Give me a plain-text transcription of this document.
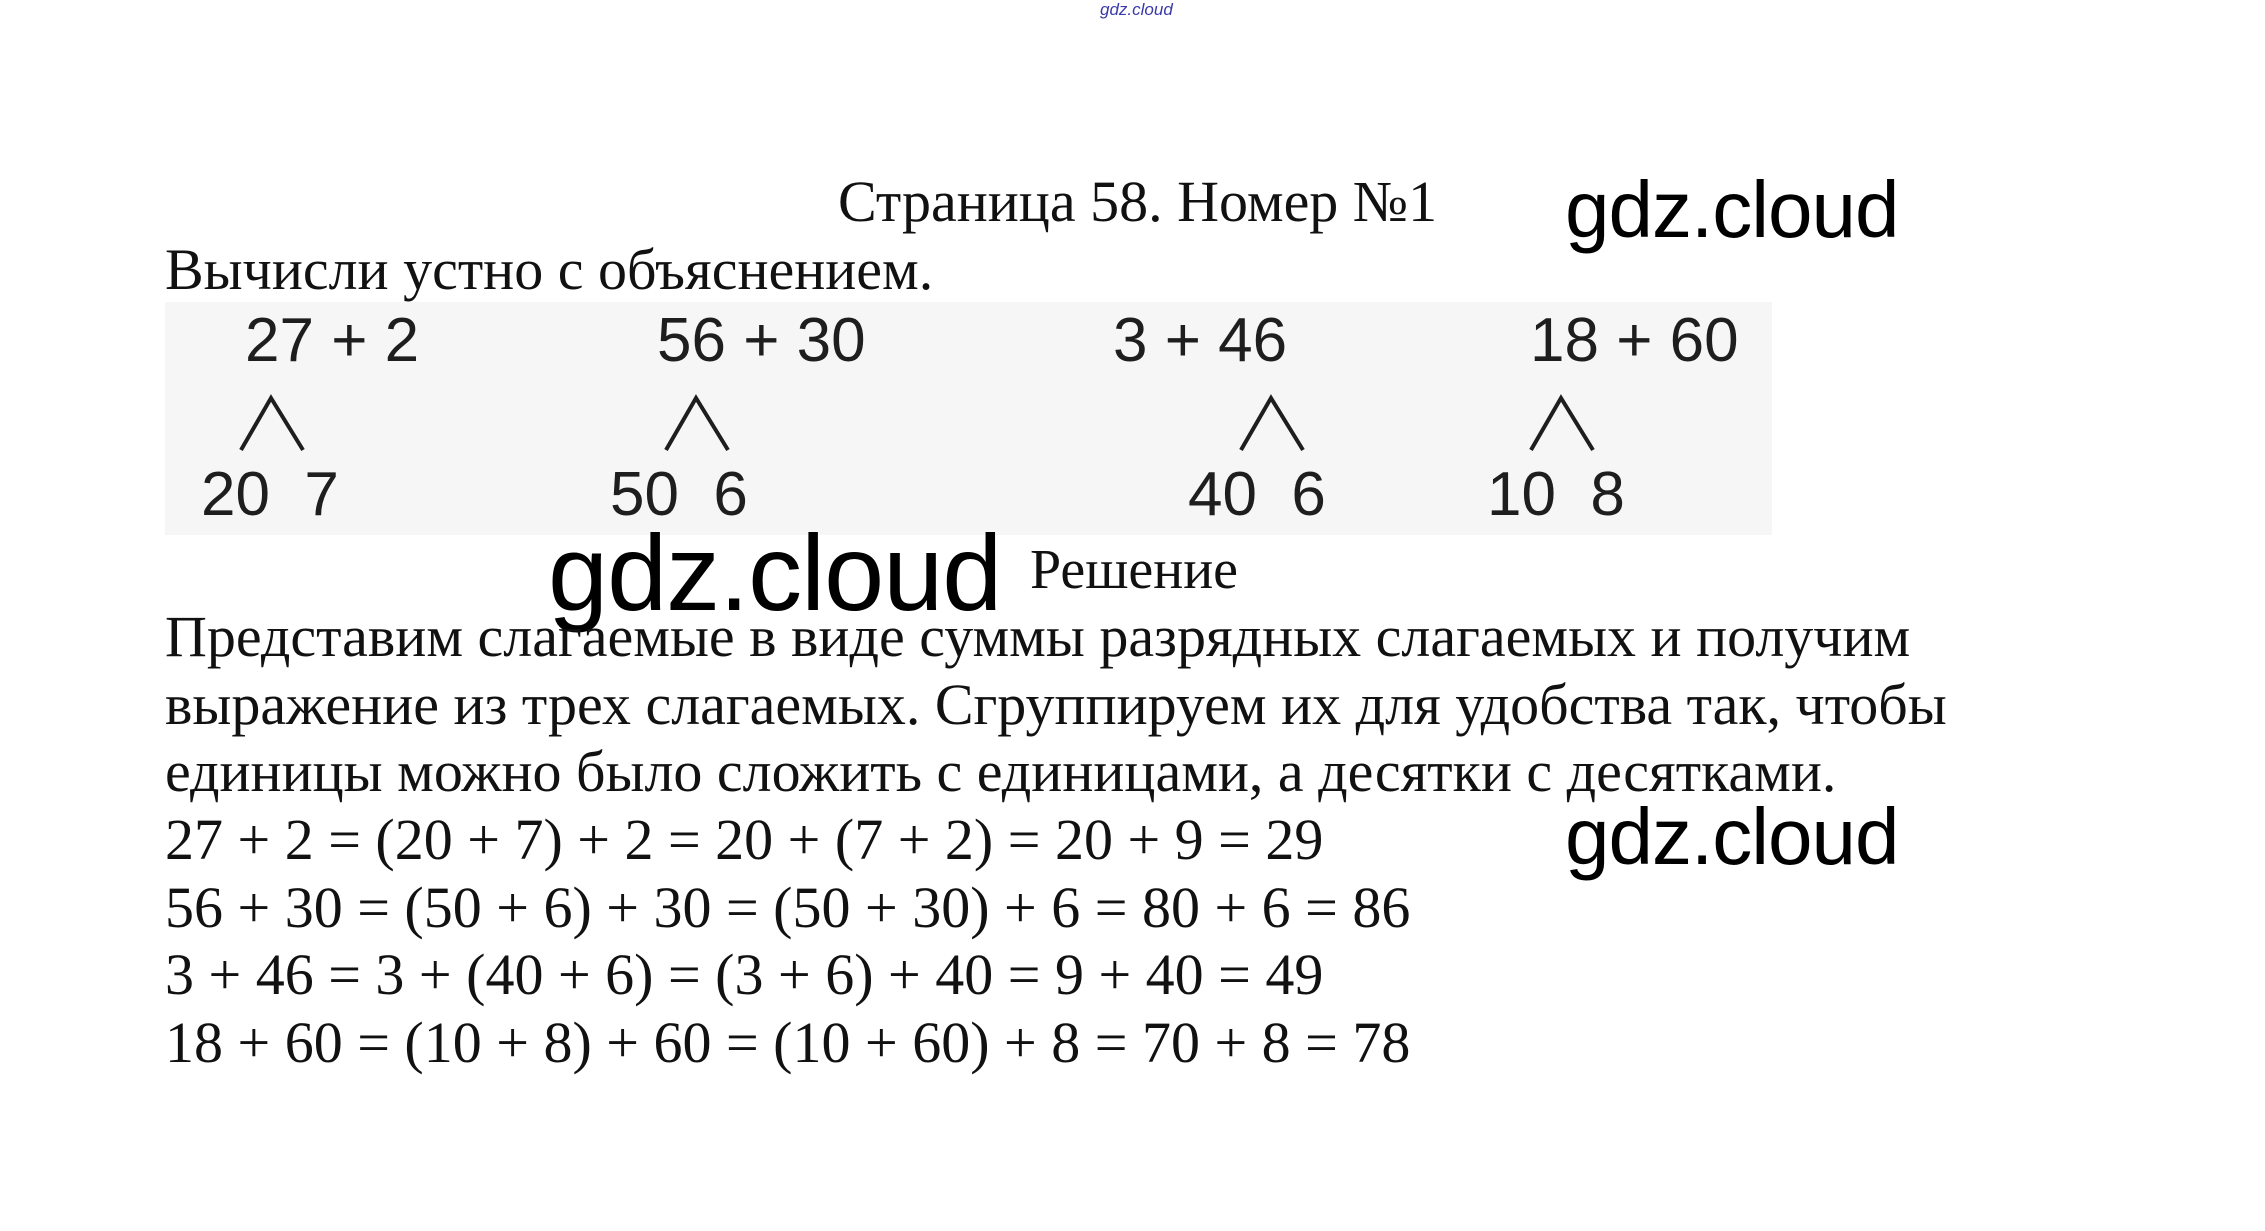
gdz.cloud
Страница 58. Номер №1 gdz.cloud
Вычисли устно с объяснением.
27 + 2
20  7
56 + 30
50  6
3 + 46
40  6
18 + 60
10  8
Решение
gdz.cloud
Представим слагаемые в виде суммы разрядных слагаемых и получим
выражение из трех слагаемых. Сгруппируем их для удобства так, чтобы
единицы можно было сложить с единицами, а десятки с десятками.
gdz.cloud
27 + 2 = (20 + 7) + 2 = 20 + (7 + 2) = 20 + 9 = 29
56 + 30 = (50 + 6) + 30 = (50 + 30) + 6 = 80 + 6 = 86
3 + 46 = 3 + (40 + 6) = (3 + 6) + 40 = 9 + 40 = 49
18 + 60 = (10 + 8) + 60 = (10 + 60) + 8 = 70 + 8 = 78
